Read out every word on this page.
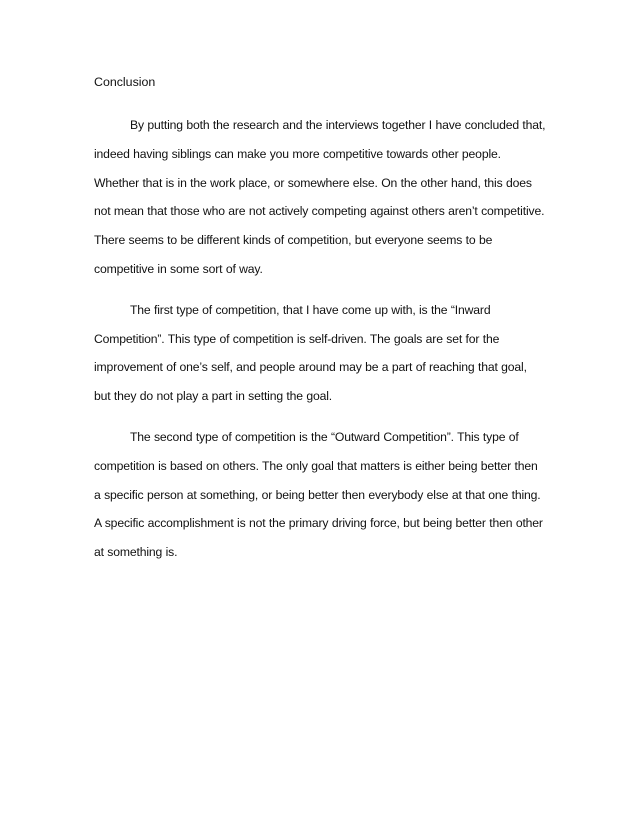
Conclusion

By putting both the research and the interviews together I have concluded that, indeed having siblings can make you more competitive towards other people. Whether that is in the work place, or somewhere else. On the other hand, this does not mean that those who are not actively competing against others aren’t competitive. There seems to be different kinds of competition, but everyone seems to be competitive in some sort of way.

The first type of competition, that I have come up with, is the “Inward Competition”. This type of competition is self-driven. The goals are set for the improvement of one’s self, and people around may be a part of reaching that goal, but they do not play a part in setting the goal.

The second type of competition is the “Outward Competition”. This type of competition is based on others. The only goal that matters is either being better then a specific person at something, or being better then everybody else at that one thing. A specific accomplishment is not the primary driving force, but being better then other at something is.
